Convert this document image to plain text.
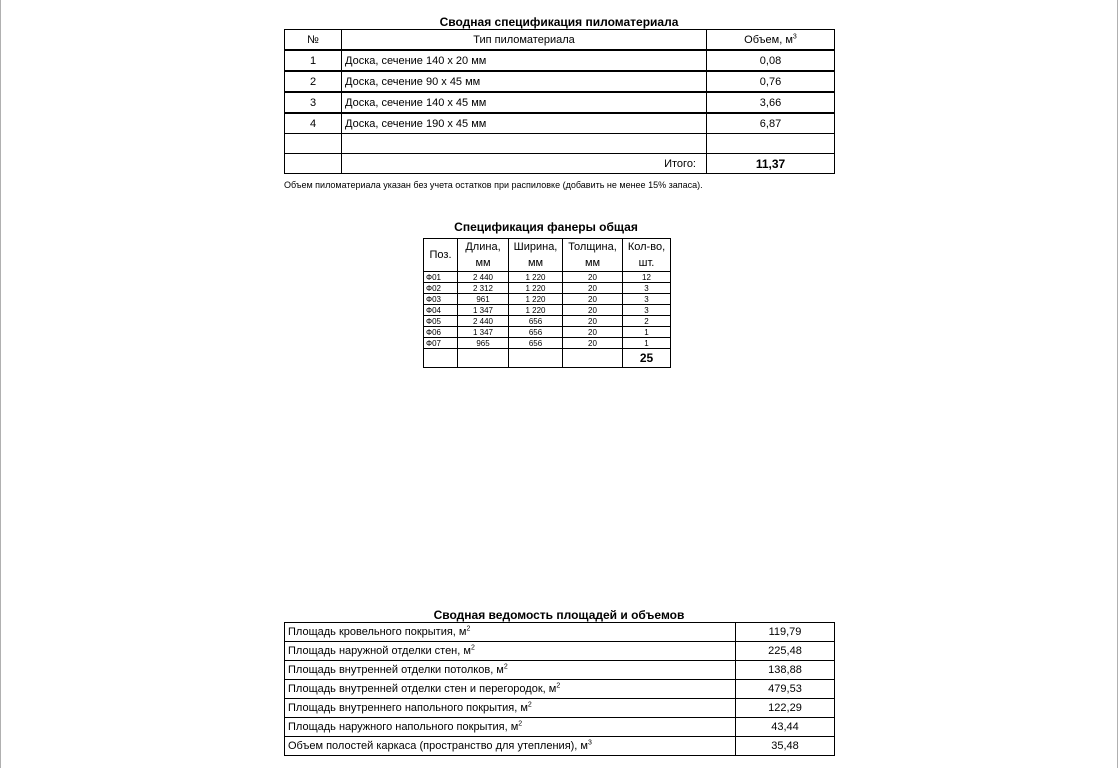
Сводная спецификация пиломатериала
№	Тип пиломатериала	Объем, $м^3$
1	Доска, сечение 140 х 20 мм	0,08
2	Доска, сечение 90 х 45 мм	0,76
3	Доска, сечение 140 х 45 мм	3,66
4	Доска, сечение 190 х 45 мм	6,87

	Итого:	11,37
Объем пиломатериала указан без учета остатков при распиловке (добавить не менее 15% запаса).
Спецификация фанеры общая
Поз.	Длина, мм	Ширина, мм	Толщина, мм	Кол-во, шт.
Ф01	2 440	1 220	20	12
Ф02	2 312	1 220	20	3
Ф03	961	1 220	20	3
Ф04	1 347	1 220	20	3
Ф05	2 440	656	20	2
Ф06	1 347	656	20	1
Ф07	965	656	20	1
				25
Сводная ведомость площадей и объемов
Площадь кровельного покрытия, $м^2$	119,79
Площадь наружной отделки стен, $м^2$	225,48
Площадь внутренней отделки потолков, $м^2$	138,88
Площадь внутренней отделки стен и перегородок, $м^2$	479,53
Площадь внутреннего напольного покрытия, $м^2$	122,29
Площадь наружного напольного покрытия, $м^2$	43,44
Объем полостей каркаса (пространство для утепления), $м^3$	35,48
